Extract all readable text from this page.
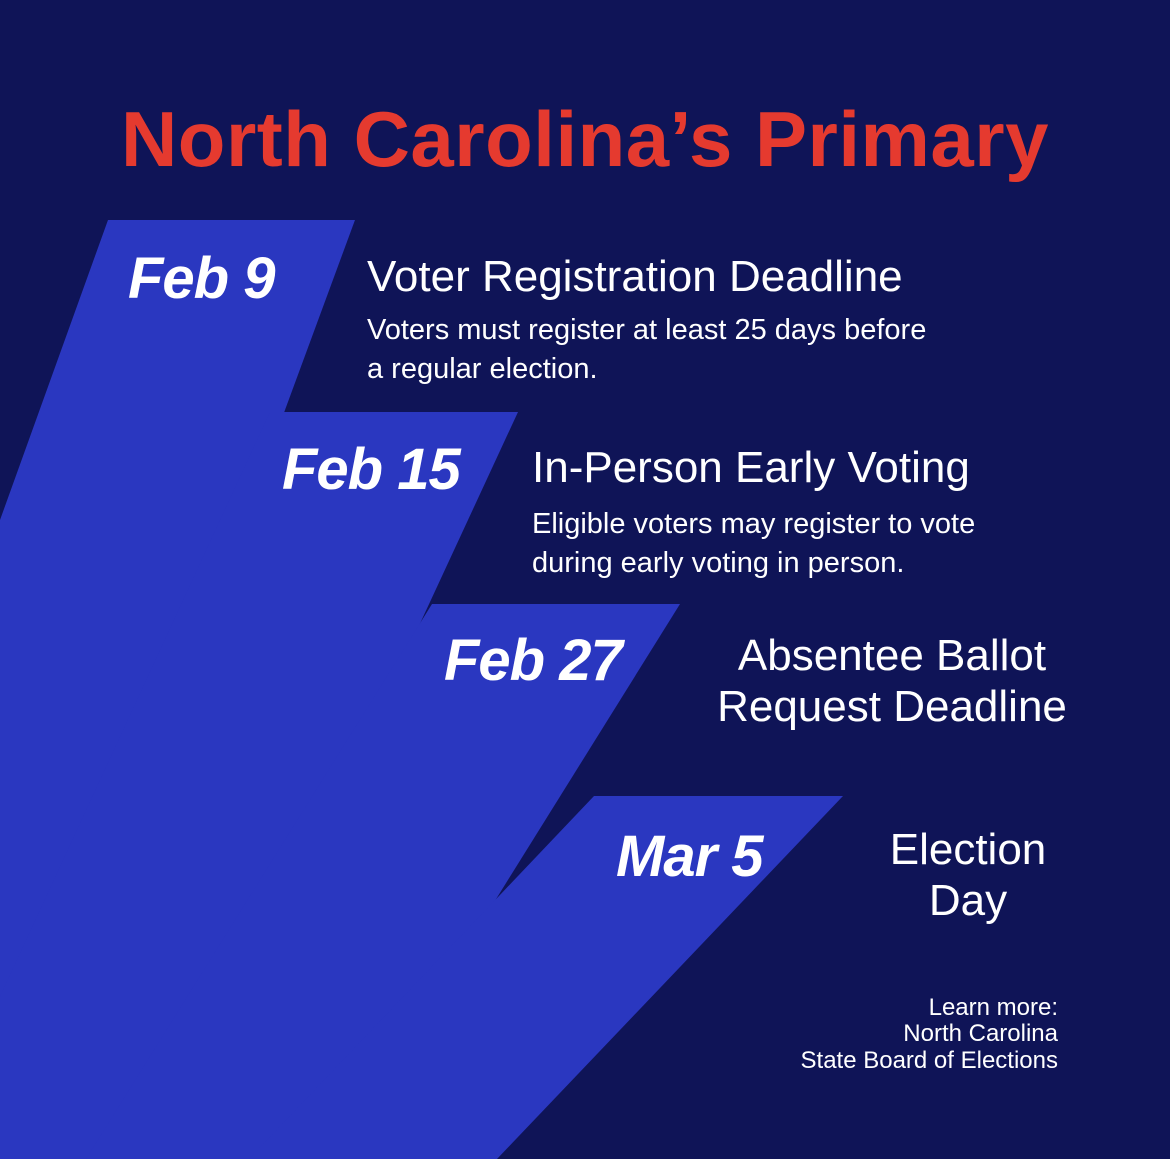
North Carolina’s Primary
Feb 9 Voter Registration Deadline
Voters must register at least 25 days before
a regular election.
Feb 15 In-Person Early Voting
Eligible voters may register to vote
during early voting in person.
Feb 27	Absentee Ballot
Request Deadline
Mar 5	Election
Day
Learn more:
North Carolina
State Board of Elections
